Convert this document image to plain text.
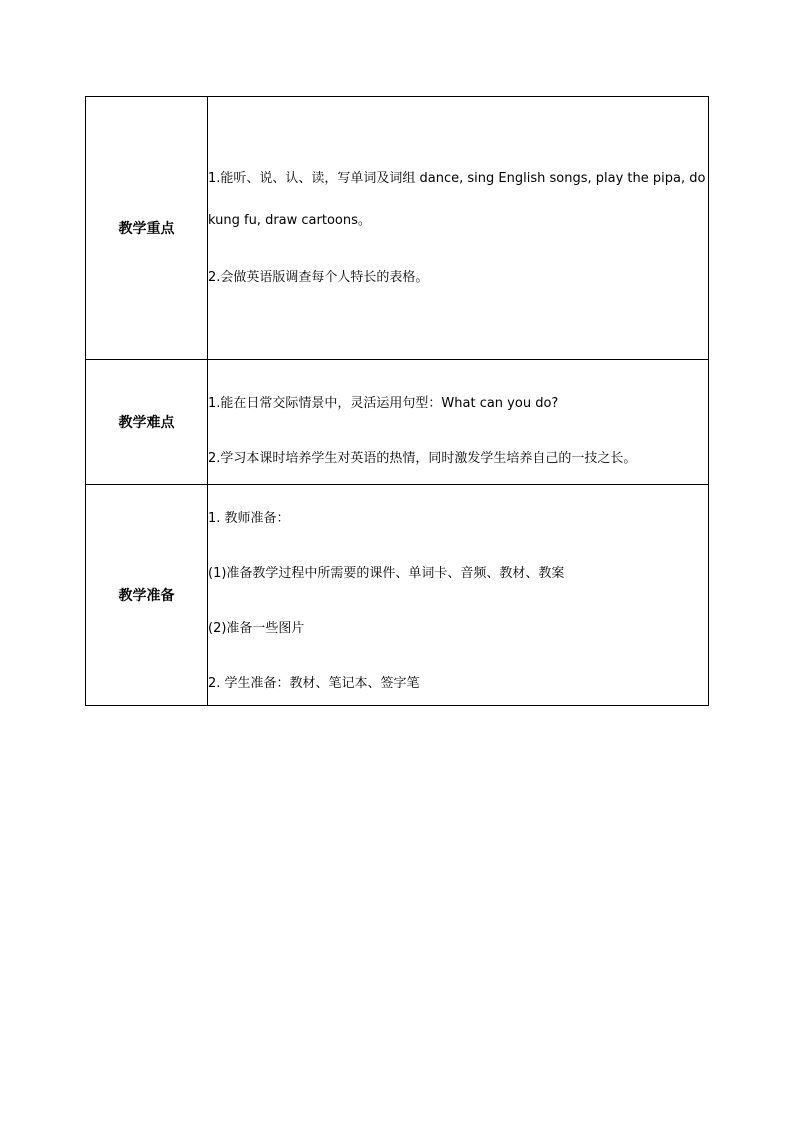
教学重点	1.能听、说、认、读，写单词及词组 dance, sing English songs, play the pipa, do kung fu, draw cartoons。

2.会做英语版调查每个人特长的表格。

教学难点	1.能在日常交际情景中，灵活运用句型：What can you do?

2.学习本课时培养学生对英语的热情，同时激发学生培养自己的一技之长。

教学准备	1. 教师准备：

(1)准备教学过程中所需要的课件、单词卡、音频、教材、教案

(2)准备一些图片

2. 学生准备：教材、笔记本、签字笔
